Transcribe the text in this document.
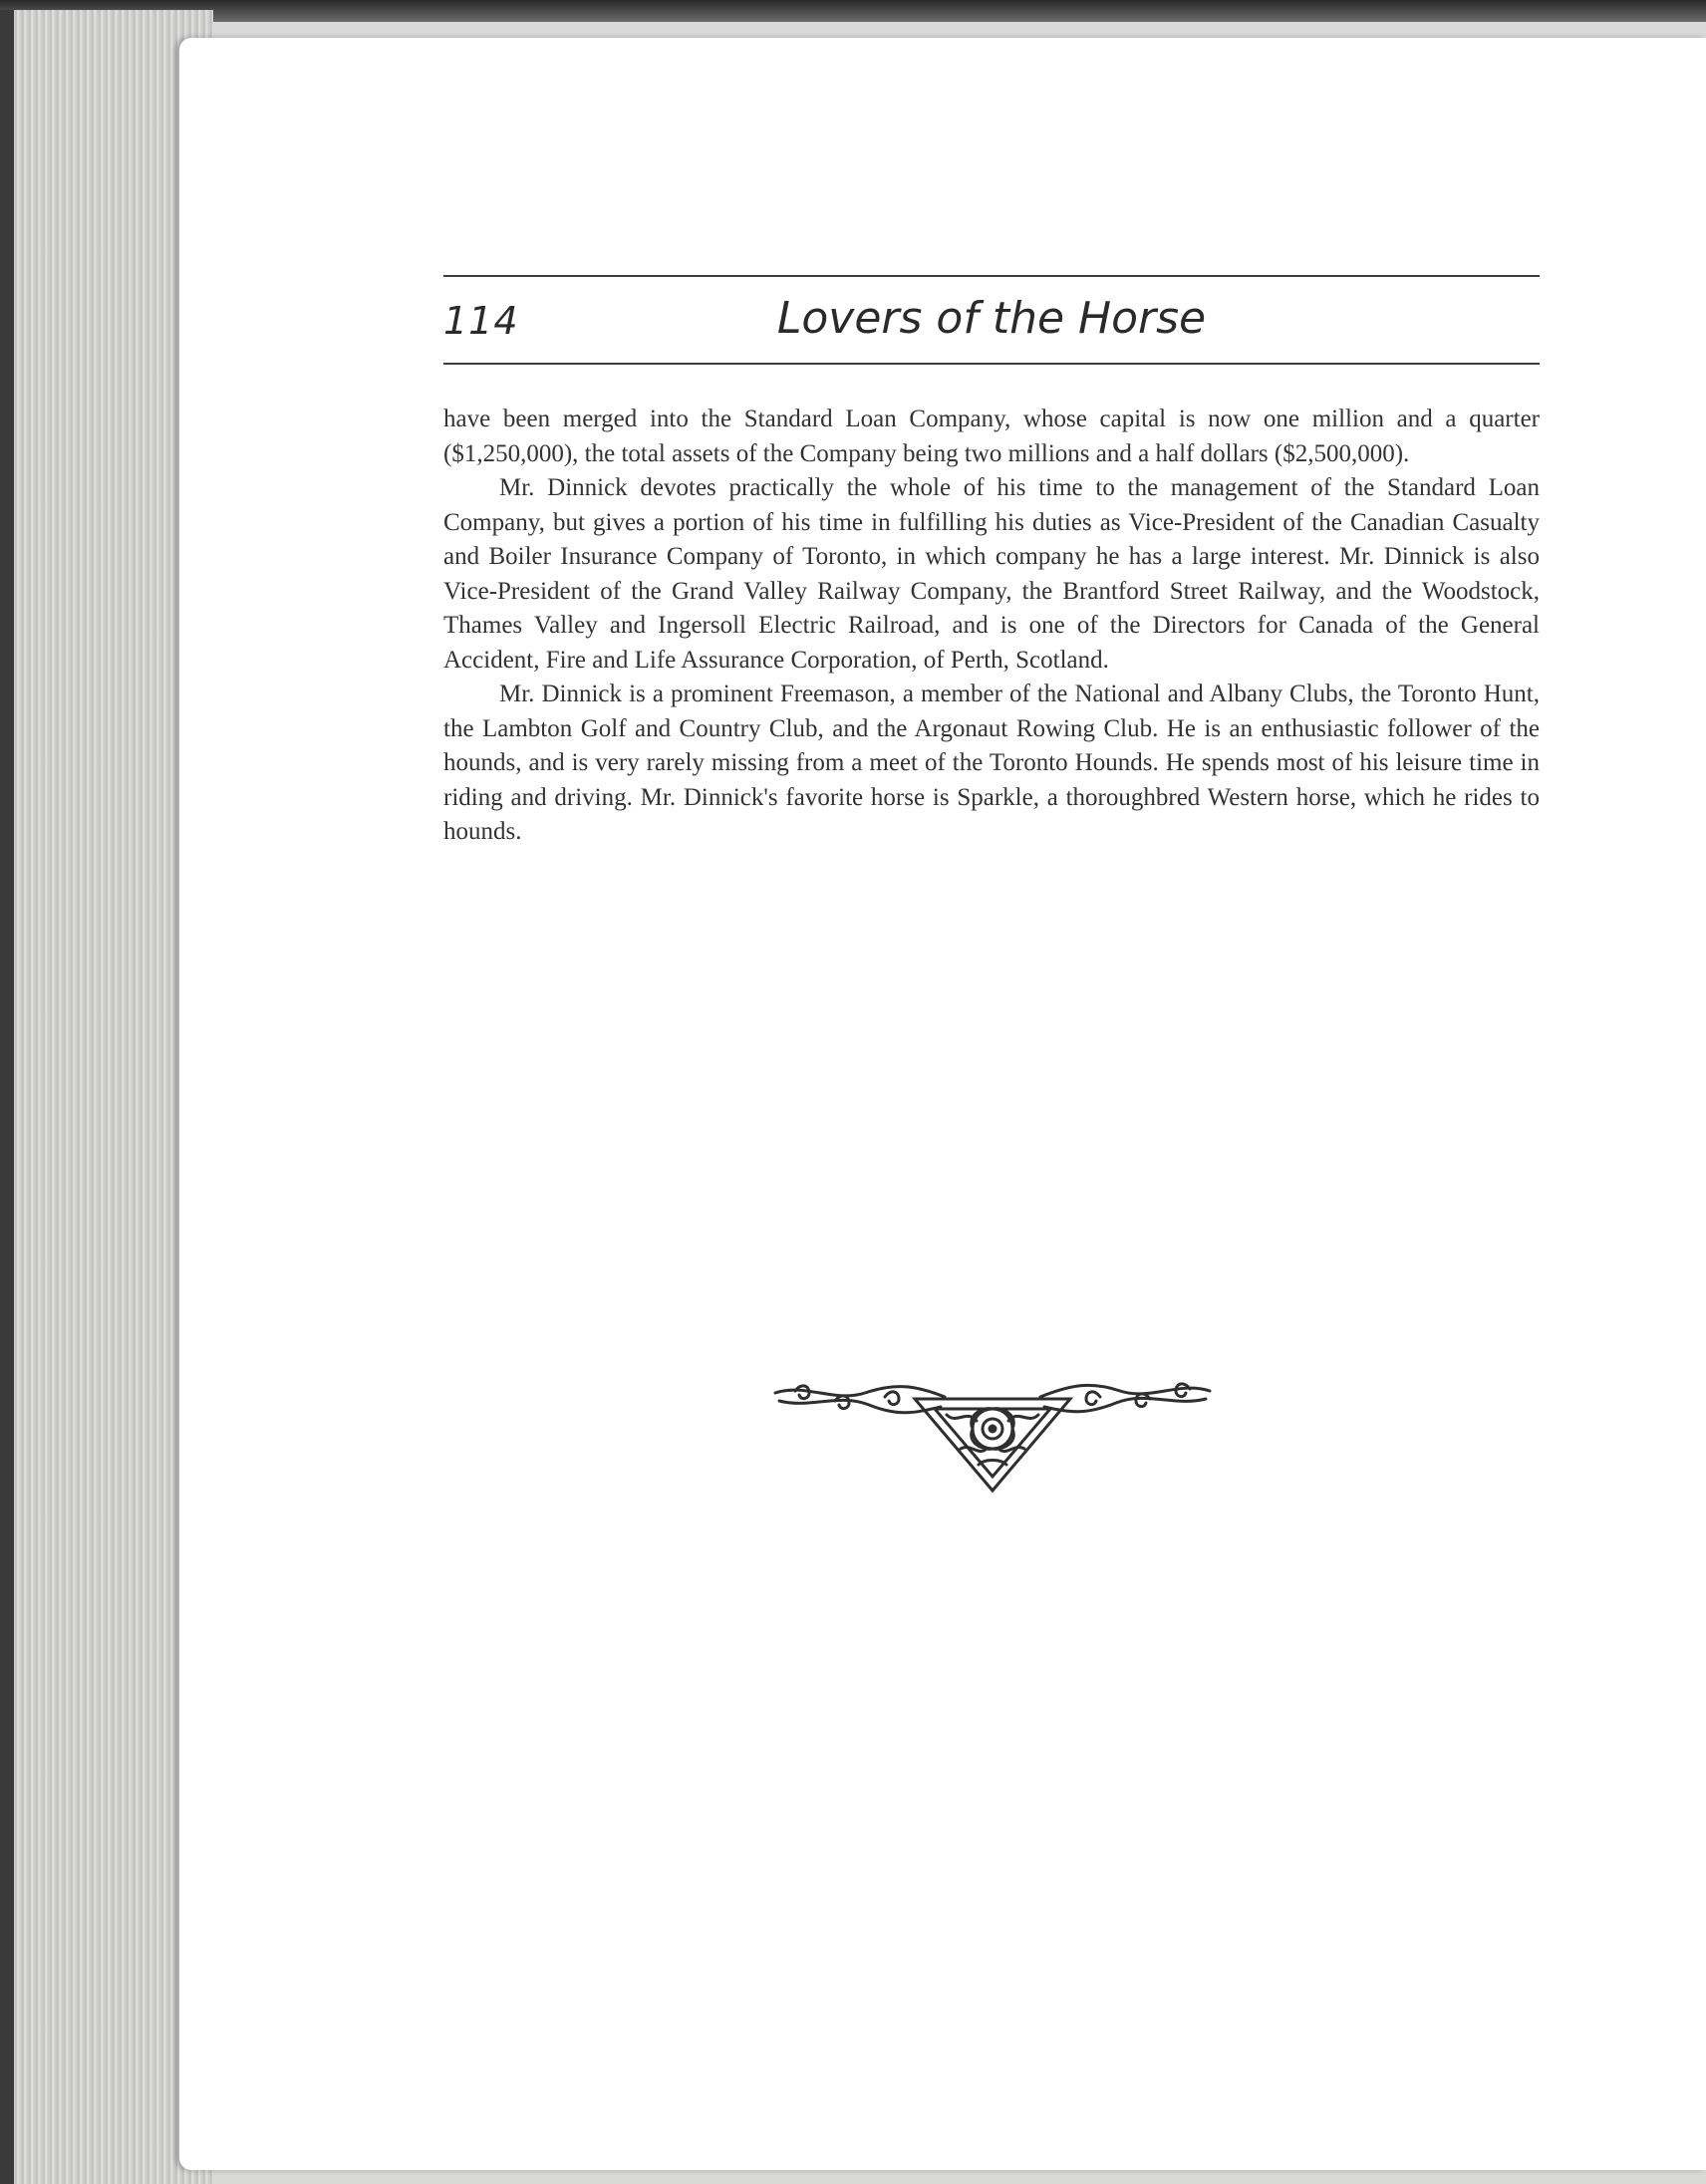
114	Lovers of the Horse

have been merged into the Standard Loan Company, whose capital is now one million and a quarter ($1,250,000), the total assets of the Company being two millions and a half dollars ($2,500,000).

Mr. Dinnick devotes practically the whole of his time to the management of the Standard Loan Company, but gives a portion of his time in fulfilling his duties as Vice-President of the Canadian Casualty and Boiler Insurance Company of Toronto, in which company he has a large interest. Mr. Dinnick is also Vice-President of the Grand Valley Railway Company, the Brantford Street Railway, and the Woodstock, Thames Valley and Ingersoll Electric Railroad, and is one of the Directors for Canada of the General Accident, Fire and Life Assurance Corporation, of Perth, Scotland.

Mr. Dinnick is a prominent Freemason, a member of the National and Albany Clubs, the Toronto Hunt, the Lambton Golf and Country Club, and the Argonaut Rowing Club. He is an enthusiastic follower of the hounds, and is very rarely missing from a meet of the Toronto Hounds. He spends most of his leisure time in riding and driving. Mr. Dinnick's favorite horse is Sparkle, a thoroughbred Western horse, which he rides to hounds.
